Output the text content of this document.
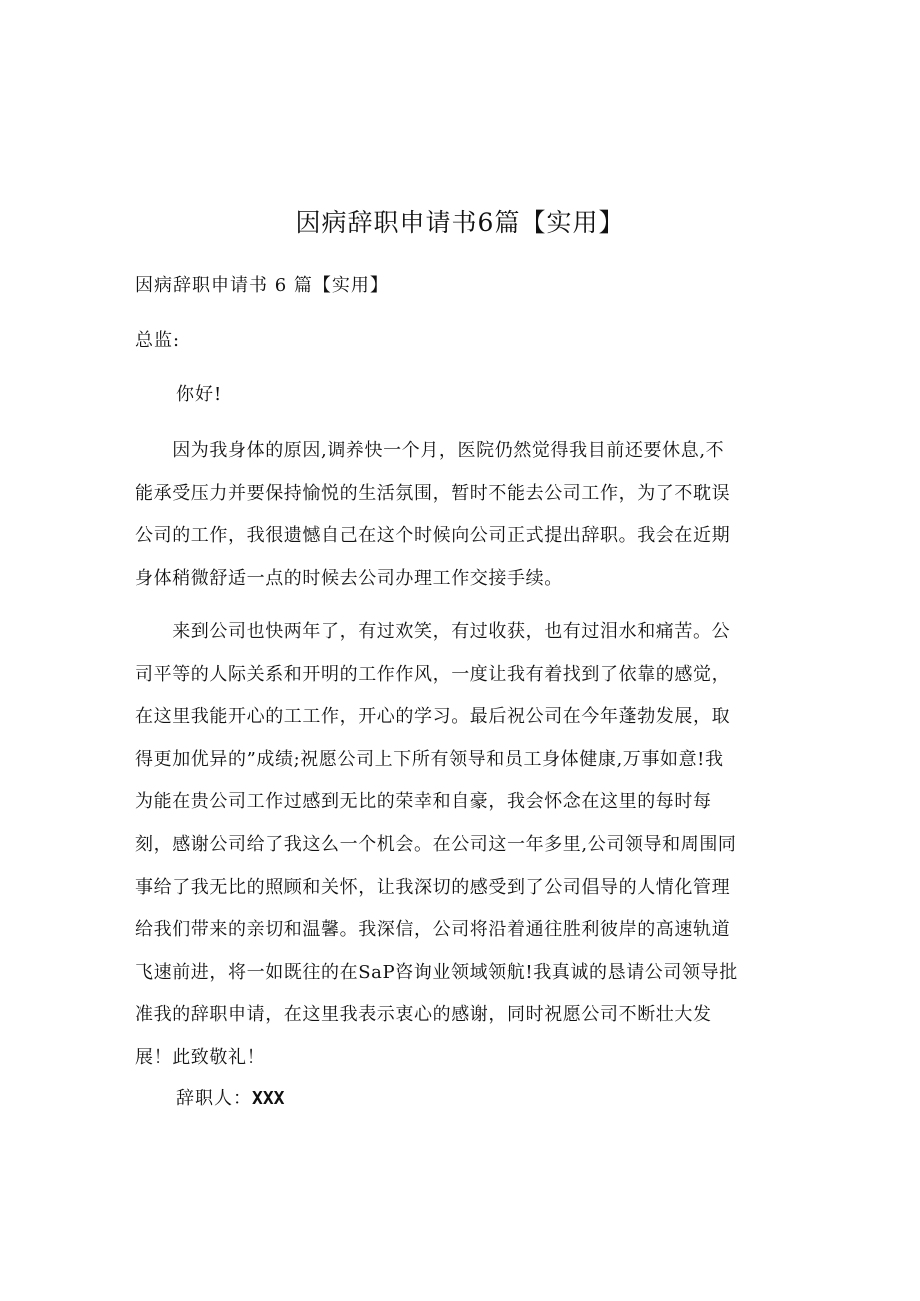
因病辞职申请书6篇【实用】
因病辞职申请书 6 篇【实用】
总监:
你好!
　　因为我身体的原因,调养快一个月，医院仍然觉得我目前还要休息,不
能承受压力并要保持愉悦的生活氛围，暂时不能去公司工作，为了不耽误
公司的工作，我很遗憾自己在这个时候向公司正式提出辞职。我会在近期
身体稍微舒适一点的时候去公司办理工作交接手续。
　　来到公司也快两年了，有过欢笑，有过收获，也有过泪水和痛苦。公
司平等的人际关系和开明的工作作风，一度让我有着找到了依靠的感觉，
在这里我能开心的工工作，开心的学习。最后祝公司在今年蓬勃发展，取
得更加优异的”成绩;祝愿公司上下所有领导和员工身体健康,万事如意!我
为能在贵公司工作过感到无比的荣幸和自豪，我会怀念在这里的每时每
刻，感谢公司给了我这么一个机会。在公司这一年多里,公司领导和周围同
事给了我无比的照顾和关怀，让我深切的感受到了公司倡导的人情化管理
给我们带来的亲切和温馨。我深信，公司将沿着通往胜利彼岸的高速轨道
飞速前进，将一如既往的在SaP咨询业领域领航!我真诚的恳请公司领导批
准我的辞职申请，在这里我表示衷心的感谢，同时祝愿公司不断壮大发
展！此致敬礼！
辞职人：XXX
